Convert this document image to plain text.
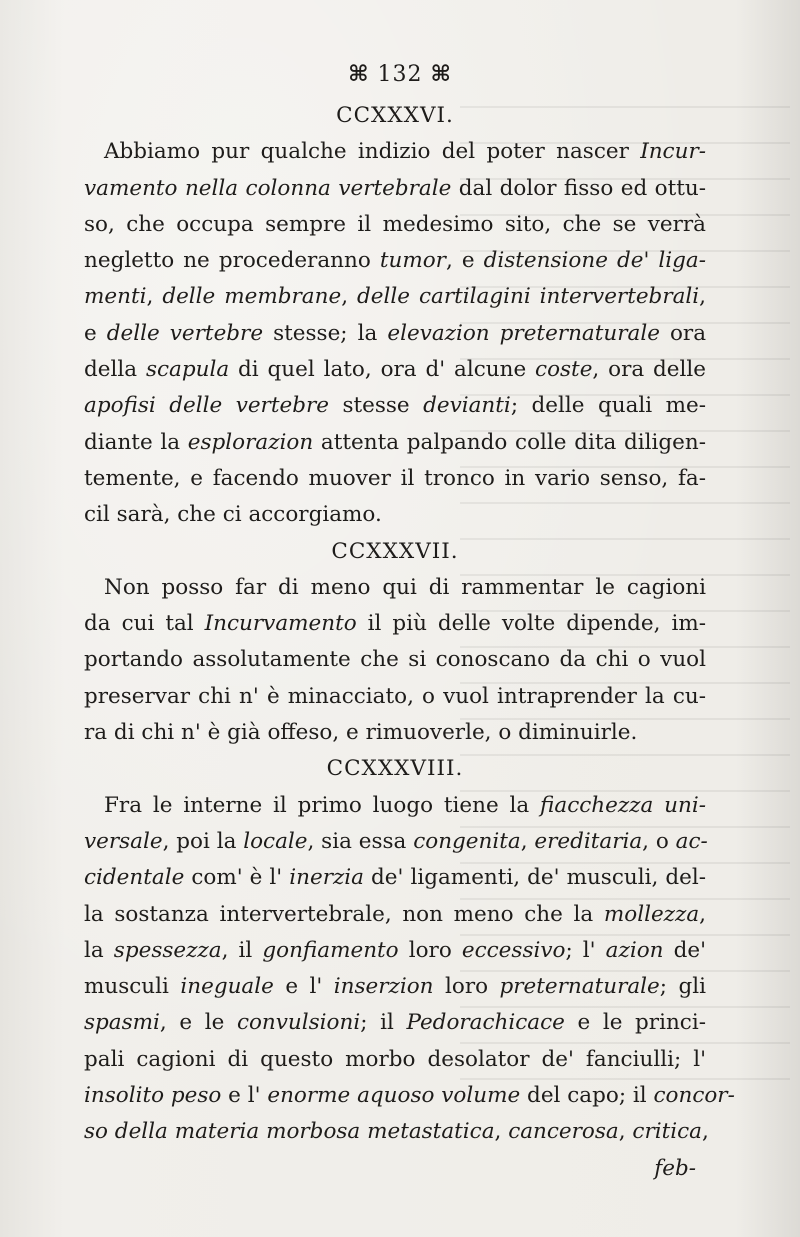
⌘ 132 ⌘
CCXXXVI.
Abbiamo pur qualche indizio del poter nascer Incur-
vamento nella colonna vertebrale dal dolor fisso ed ottu-
so, che occupa sempre il medesimo sito, che se verrà
negletto ne procederanno tumor, e distensione de' liga-
menti, delle membrane, delle cartilagini intervertebrali,
e delle vertebre stesse; la elevazion preternaturale ora
della scapula di quel lato, ora d' alcune coste, ora delle
apofisi delle vertebre stesse devianti; delle quali me-
diante la esplorazion attenta palpando colle dita diligen-
temente, e facendo muover il tronco in vario senso, fa-
cil sarà, che ci accorgiamo.
CCXXXVII.
Non posso far di meno qui di rammentar le cagioni
da cui tal Incurvamento il più delle volte dipende, im-
portando assolutamente che si conoscano da chi o vuol
preservar chi n' è minacciato, o vuol intraprender la cu-
ra di chi n' è già offeso, e rimuoverle, o diminuirle.
CCXXXVIII.
Fra le interne il primo luogo tiene la fiacchezza uni-
versale, poi la locale, sia essa congenita, ereditaria, o ac-
cidentale com' è l' inerzia de' ligamenti, de' musculi, del-
la sostanza intervertebrale, non meno che la mollezza,
la spessezza, il gonfiamento loro eccessivo; l' azion de'
musculi ineguale e l' inserzion loro preternaturale; gli
spasmi, e le convulsioni; il Pedorachicace e le princi-
pali cagioni di questo morbo desolator de' fanciulli; l'
insolito peso e l' enorme aquoso volume del capo; il concor-
so della materia morbosa metastatica, cancerosa, critica,
feb-
